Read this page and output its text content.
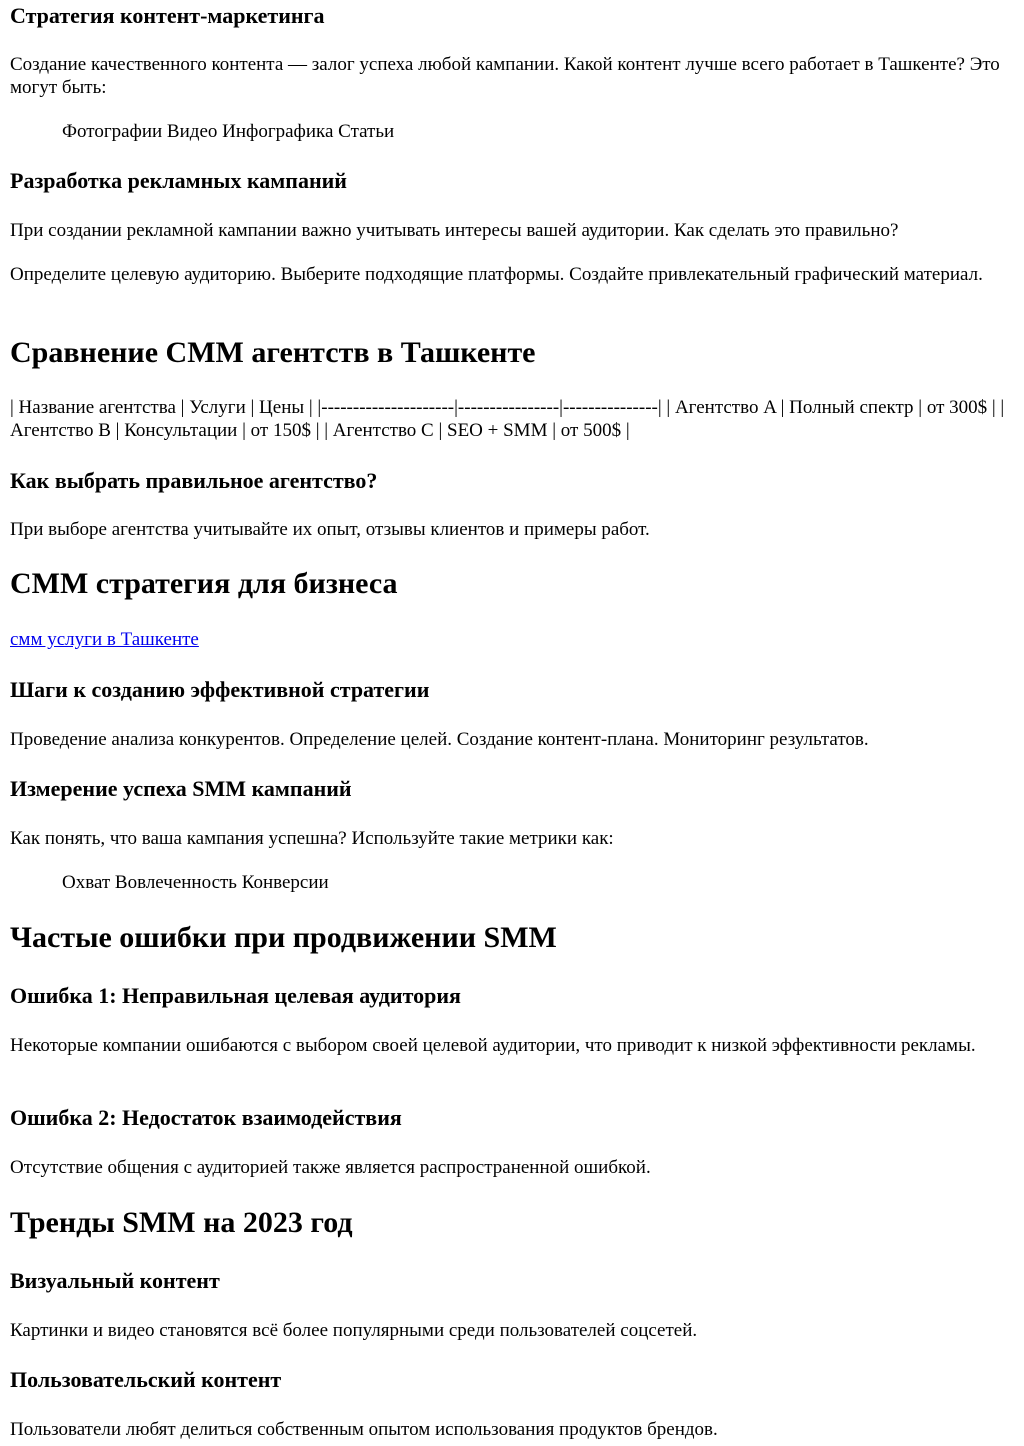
Стратегия контент-маркетинга

Создание качественного контента — залог успеха любой кампании. Какой контент лучше всего работает в Ташкенте? Это могут быть:

Фотографии Видео Инфографика Статьи

Разработка рекламных кампаний

При создании рекламной кампании важно учитывать интересы вашей аудитории. Как сделать это правильно?

Определите целевую аудиторию. Выберите подходящие платформы. Создайте привлекательный графический материал.

Сравнение СММ агентств в Ташкенте

| Название агентства | Услуги | Цены | |---------------------|----------------|---------------| | Агентство A | Полный спектр | от 300$ | | Агентство B | Консультации | от 150$ | | Агентство C | SEO + SMM | от 500$ |

Как выбрать правильное агентство?

При выборе агентства учитывайте их опыт, отзывы клиентов и примеры работ.

СММ стратегия для бизнеса

смм услуги в Ташкенте

Шаги к созданию эффективной стратегии

Проведение анализа конкурентов. Определение целей. Создание контент-плана. Мониторинг результатов.

Измерение успеха SMM кампаний

Как понять, что ваша кампания успешна? Используйте такие метрики как:

Охват Вовлеченность Конверсии

Частые ошибки при продвижении SMM
Ошибка 1: Неправильная целевая аудитория

Некоторые компании ошибаются с выбором своей целевой аудитории, что приводит к низкой эффективности рекламы.

Ошибка 2: Недостаток взаимодействия

Отсутствие общения с аудиторией также является распространенной ошибкой.

Тренды SMM на 2023 год
Визуальный контент

Картинки и видео становятся всё более популярными среди пользователей соцсетей.

Пользовательский контент

Пользователи любят делиться собственным опытом использования продуктов брендов.
